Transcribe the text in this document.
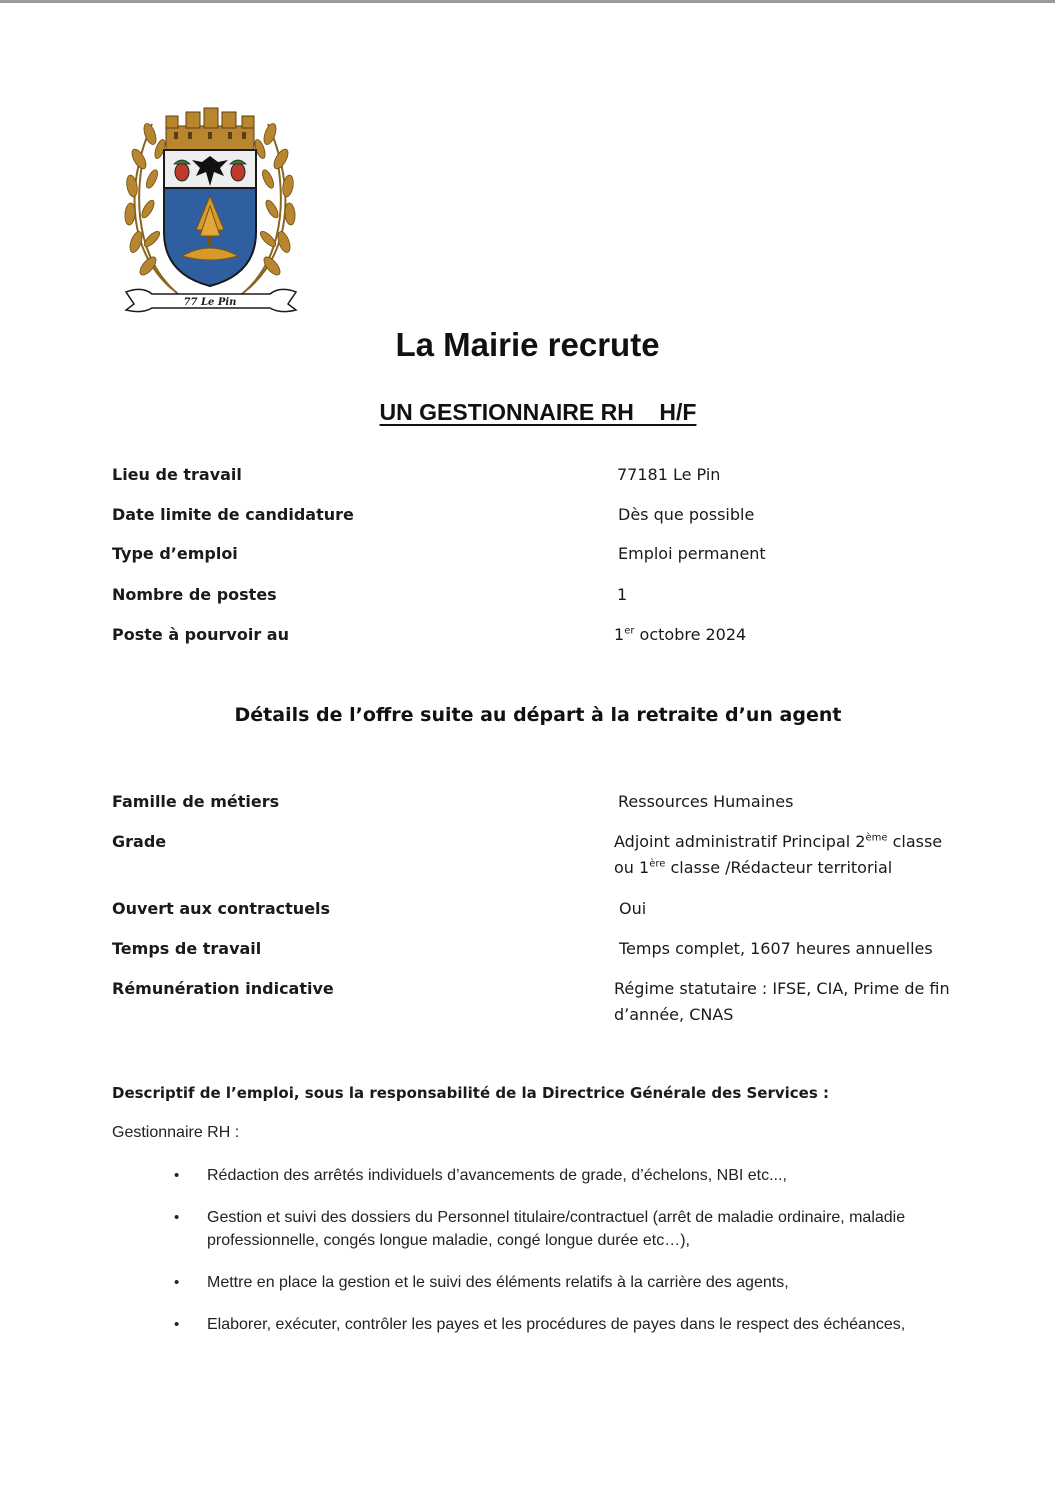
77 Le Pin
La Mairie recrute
UN GESTIONNAIRE RH    H/F
Lieu de travail	77181 Le Pin
Date limite de candidature	Dès que possible
Type d’emploi	Emploi permanent
Nombre de postes	1
Poste à pourvoir au	1er octobre 2024
Détails de l’offre suite au départ à la retraite d’un agent
Famille de métiers	Ressources Humaines
Grade	Adjoint administratif Principal 2ème classe
ou 1ère classe /Rédacteur territorial
Ouvert aux contractuels	Oui
Temps de travail	Temps complet, 1607 heures annuelles
Rémunération indicative	Régime statutaire : IFSE, CIA, Prime de fin d’année, CNAS
Descriptif de l’emploi, sous la responsabilité de la Directrice Générale des Services :
Gestionnaire RH :
• Rédaction des arrêtés individuels d’avancements de grade, d’échelons, NBI etc...,
• Gestion et suivi des dossiers du Personnel titulaire/contractuel (arrêt de maladie ordinaire, maladie professionnelle, congés longue maladie, congé longue durée etc…),
• Mettre en place la gestion et le suivi des éléments relatifs à la carrière des agents,
• Elaborer, exécuter, contrôler les payes et les procédures de payes dans le respect des échéances,
